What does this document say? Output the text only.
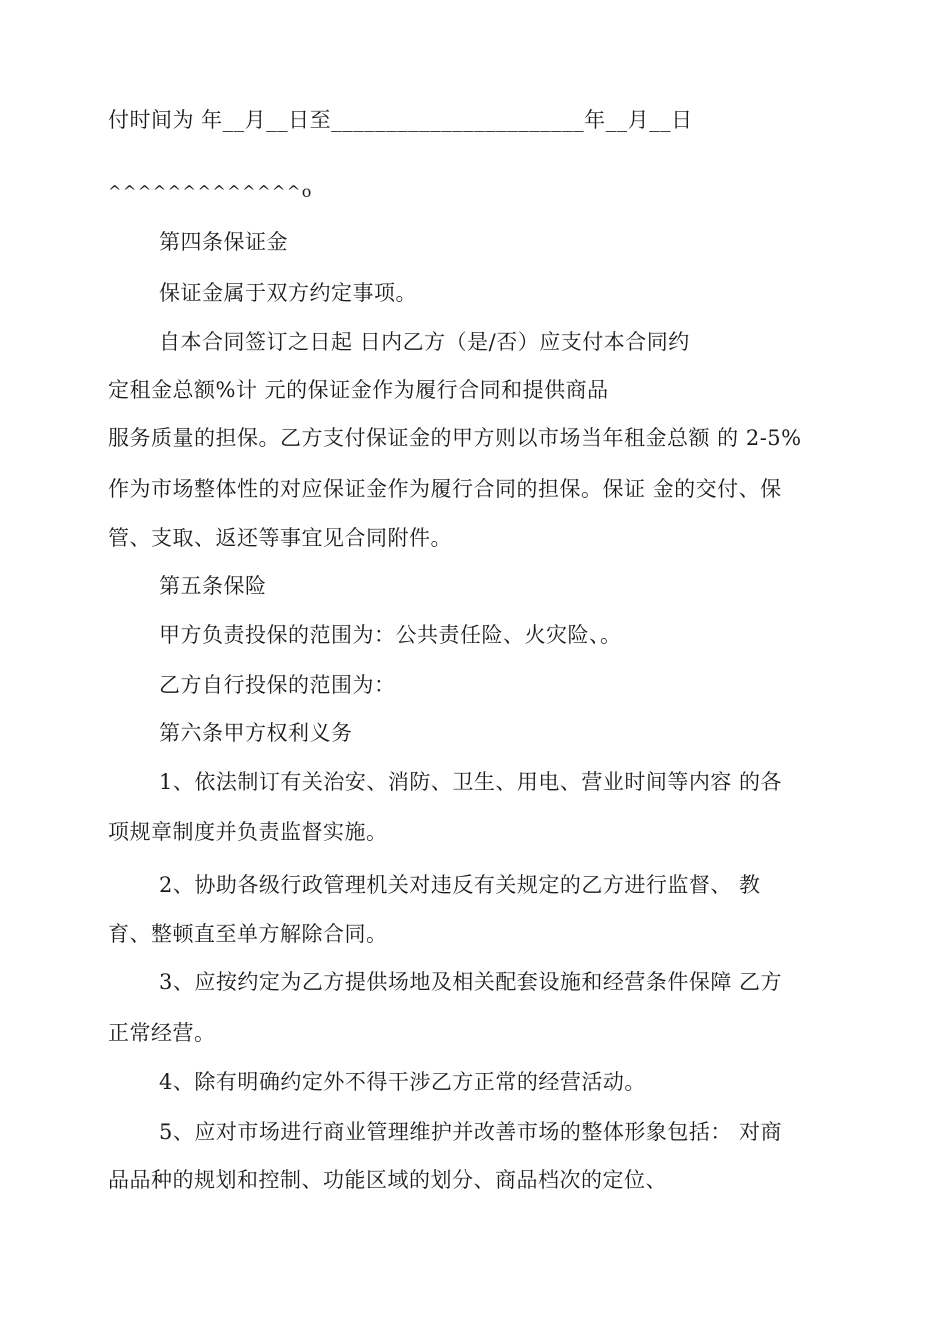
付时间为 年__月__日至_______________________年__月__日
^^^^^^^^^^^^^o
第四条保证金
保证金属于双方约定事项。
自本合同签订之日起 日内乙方（是/否）应支付本合同约
定租金总额%计 元的保证金作为履行合同和提供商品
服务质量的担保。乙方支付保证金的甲方则以市场当年租金总额 的 2-5%
作为市场整体性的对应保证金作为履行合同的担保。保证 金的交付、保
管、支取、返还等事宜见合同附件。
第五条保险
甲方负责投保的范围为：公共责任险、火灾险、。
乙方自行投保的范围为：
第六条甲方权利义务
1、依法制订有关治安、消防、卫生、用电、营业时间等内容 的各
项规章制度并负责监督实施。
2、协助各级行政管理机关对违反有关规定的乙方进行监督、 教
育、整顿直至单方解除合同。
3、应按约定为乙方提供场地及相关配套设施和经营条件保障 乙方
正常经营。
4、除有明确约定外不得干涉乙方正常的经营活动。
5、应对市场进行商业管理维护并改善市场的整体形象包括： 对商
品品种的规划和控制、功能区域的划分、商品档次的定位、
